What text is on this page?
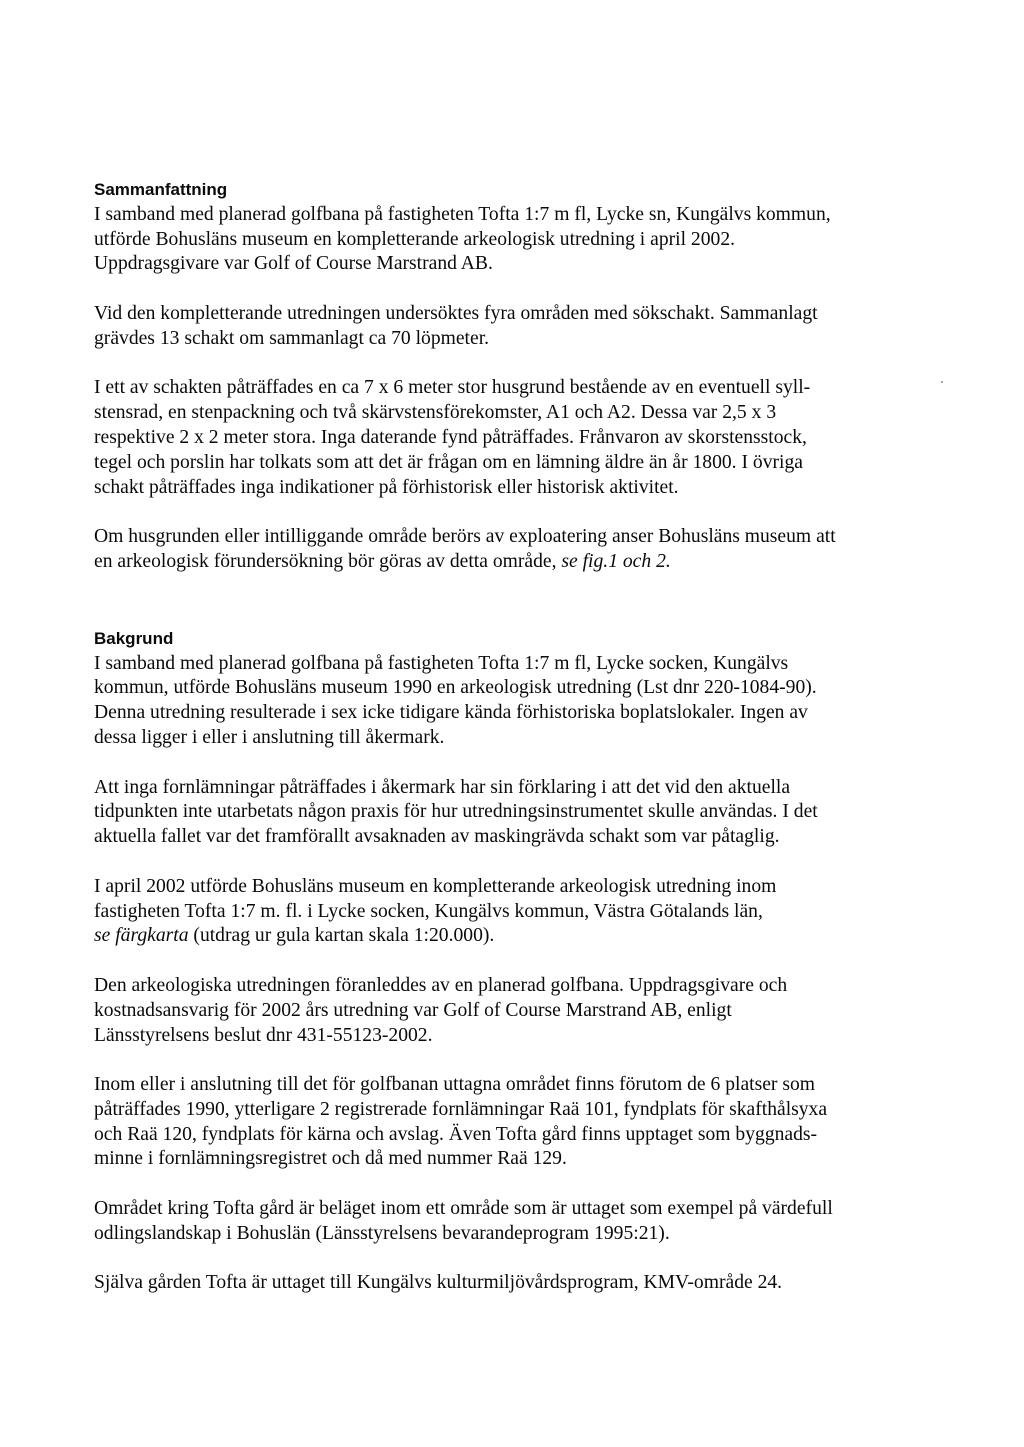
Sammanfattning

I samband med planerad golfbana på fastigheten Tofta 1:7 m fl, Lycke sn, Kungälvs kommun,
utförde Bohusläns museum en kompletterande arkeologisk utredning i april 2002.
Uppdragsgivare var Golf of Course Marstrand AB.

Vid den kompletterande utredningen undersöktes fyra områden med sökschakt. Sammanlagt
grävdes 13 schakt om sammanlagt ca 70 löpmeter.

I ett av schakten påträffades en ca 7 x 6 meter stor husgrund bestående av en eventuell syll-
stensrad, en stenpackning och två skärvstensförekomster, A1 och A2. Dessa var 2,5 x 3
respektive 2 x 2 meter stora. Inga daterande fynd påträffades. Frånvaron av skorstensstock,
tegel och porslin har tolkats som att det är frågan om en lämning äldre än år 1800. I övriga
schakt påträffades inga indikationer på förhistorisk eller historisk aktivitet.

Om husgrunden eller intilliggande område berörs av exploatering anser Bohusläns museum att
en arkeologisk förundersökning bör göras av detta område, se fig.1 och 2.

Bakgrund

I samband med planerad golfbana på fastigheten Tofta 1:7 m fl, Lycke socken, Kungälvs
kommun, utförde Bohusläns museum 1990 en arkeologisk utredning (Lst dnr 220-1084-90).
Denna utredning resulterade i sex icke tidigare kända förhistoriska boplatslokaler. Ingen av
dessa ligger i eller i anslutning till åkermark.

Att inga fornlämningar påträffades i åkermark har sin förklaring i att det vid den aktuella
tidpunkten inte utarbetats någon praxis för hur utredningsinstrumentet skulle användas. I det
aktuella fallet var det framförallt avsaknaden av maskingrävda schakt som var påtaglig.

I april 2002 utförde Bohusläns museum en kompletterande arkeologisk utredning inom
fastigheten Tofta 1:7 m. fl. i Lycke socken, Kungälvs kommun, Västra Götalands län,
se färgkarta (utdrag ur gula kartan skala 1:20.000).

Den arkeologiska utredningen föranleddes av en planerad golfbana. Uppdragsgivare och
kostnadsansvarig för 2002 års utredning var Golf of Course Marstrand AB, enligt
Länsstyrelsens beslut dnr 431-55123-2002.

Inom eller i anslutning till det för golfbanan uttagna området finns förutom de 6 platser som
påträffades 1990, ytterligare 2 registrerade fornlämningar Raä 101, fyndplats för skafthålsyxa
och Raä 120, fyndplats för kärna och avslag. Även Tofta gård finns upptaget som byggnads-
minne i fornlämningsregistret och då med nummer Raä 129.

Området kring Tofta gård är beläget inom ett område som är uttaget som exempel på värdefull
odlingslandskap i Bohuslän (Länsstyrelsens bevarandeprogram 1995:21).

Själva gården Tofta är uttaget till Kungälvs kulturmiljövårdsprogram, KMV-område 24.
